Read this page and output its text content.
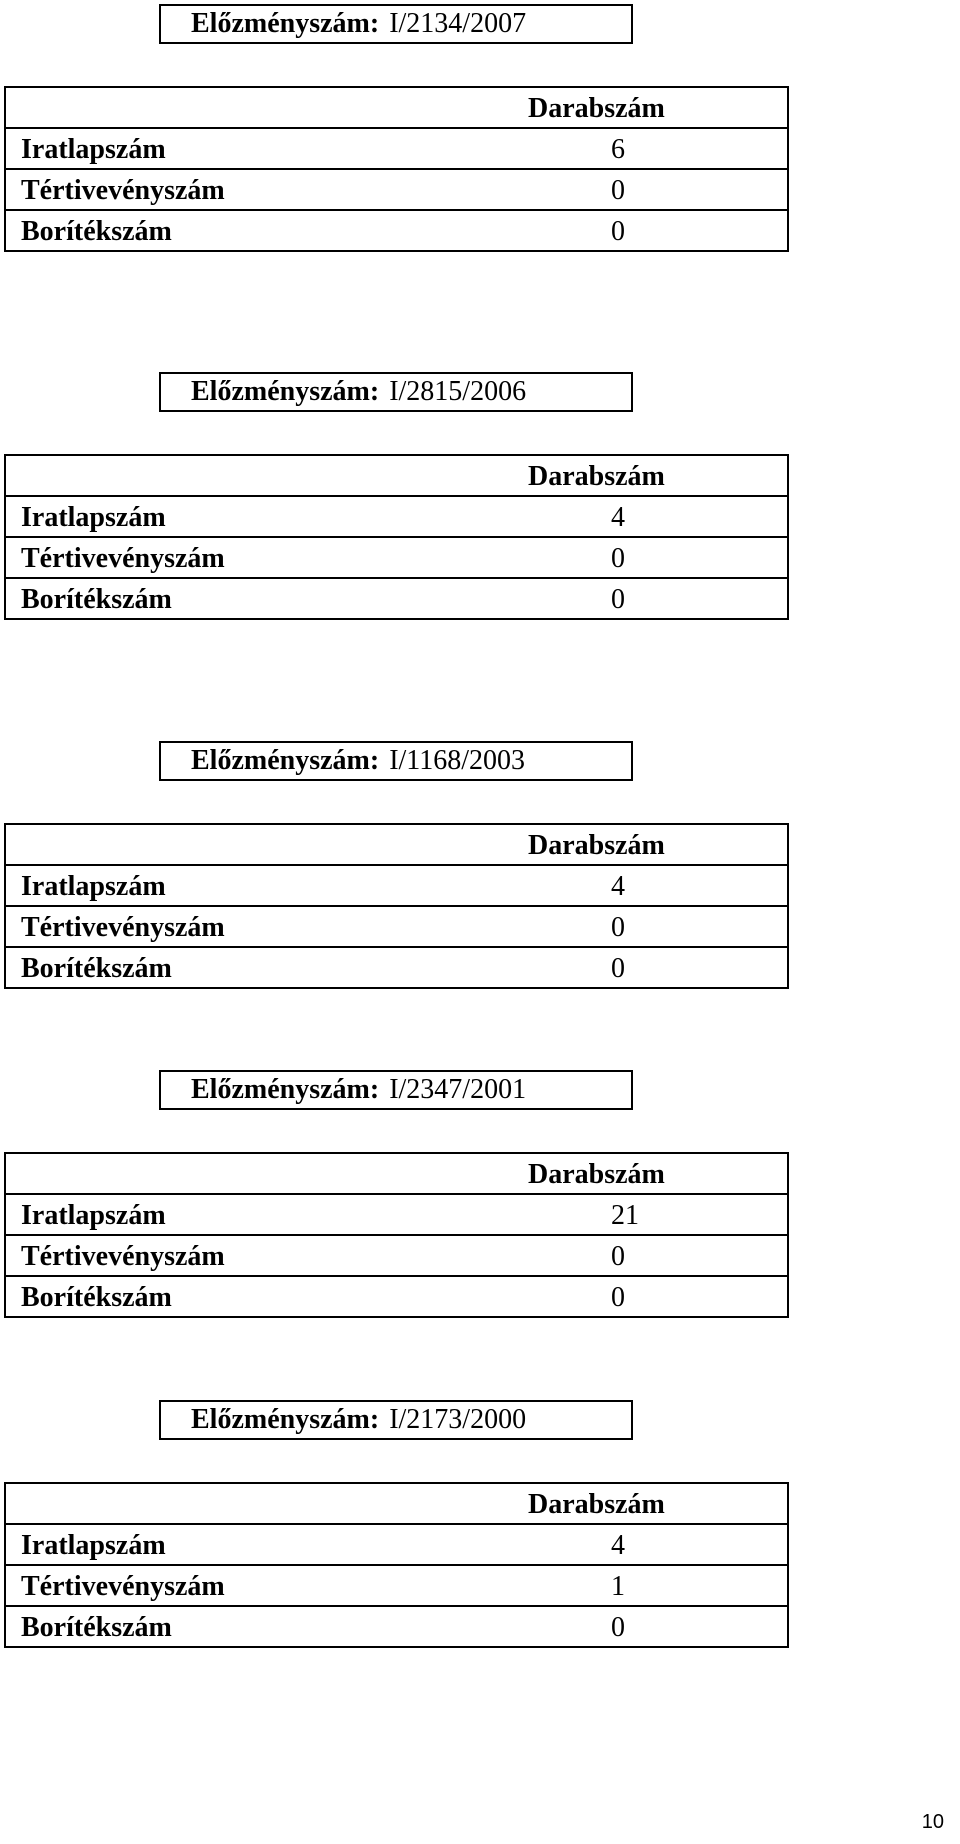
Előzményszám: I/2134/2007
Darabszám	
Iratlapszám	6
Tértivevényszám	0
Borítékszám	0
Előzményszám: I/2815/2006
Darabszám	
Iratlapszám	4
Tértivevényszám	0
Borítékszám	0
Előzményszám: I/1168/2003
Darabszám	
Iratlapszám	4
Tértivevényszám	0
Borítékszám	0
Előzményszám: I/2347/2001
Darabszám	
Iratlapszám	21
Tértivevényszám	0
Borítékszám	0
Előzményszám: I/2173/2000
Darabszám	
Iratlapszám	4
Tértivevényszám	1
Borítékszám	0
10
